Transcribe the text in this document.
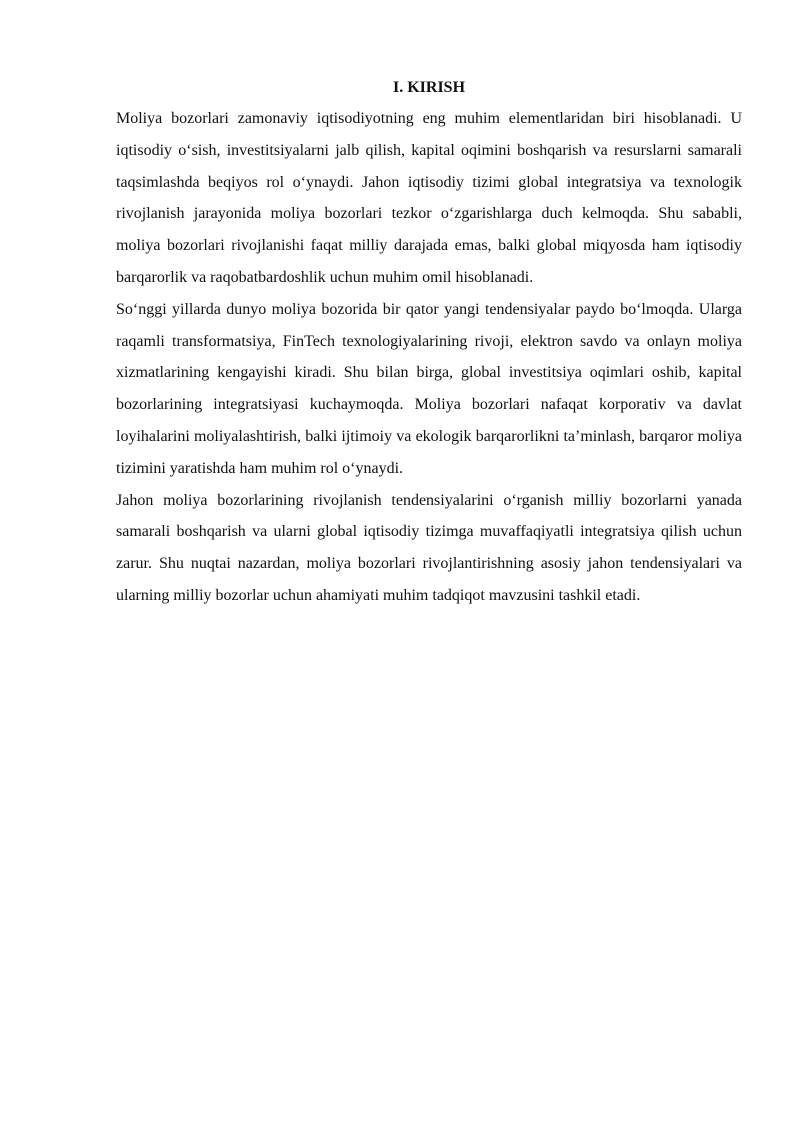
I. KIRISH

Moliya bozorlari zamonaviy iqtisodiyotning eng muhim elementlaridan biri hisoblanadi. U iqtisodiy o‘sish, investitsiyalarni jalb qilish, kapital oqimini boshqarish va resurslarni samarali taqsimlashda beqiyos rol o‘ynaydi. Jahon iqtisodiy tizimi global integratsiya va texnologik rivojlanish jarayonida moliya bozorlari tezkor o‘zgarishlarga duch kelmoqda. Shu sababli, moliya bozorlari rivojlanishi faqat milliy darajada emas, balki global miqyosda ham iqtisodiy barqarorlik va raqobatbardoshlik uchun muhim omil hisoblanadi.

So‘nggi yillarda dunyo moliya bozorida bir qator yangi tendensiyalar paydo bo‘lmoqda. Ularga raqamli transformatsiya, FinTech texnologiyalarining rivoji, elektron savdo va onlayn moliya xizmatlarining kengayishi kiradi. Shu bilan birga, global investitsiya oqimlari oshib, kapital bozorlarining integratsiyasi kuchaymoqda. Moliya bozorlari nafaqat korporativ va davlat loyihalarini moliyalashtirish, balki ijtimoiy va ekologik barqarorlikni ta’minlash, barqaror moliya tizimini yaratishda ham muhim rol o‘ynaydi.

Jahon moliya bozorlarining rivojlanish tendensiyalarini o‘rganish milliy bozorlarni yanada samarali boshqarish va ularni global iqtisodiy tizimga muvaffaqiyatli integratsiya qilish uchun zarur. Shu nuqtai nazardan, moliya bozorlari rivojlantirishning asosiy jahon tendensiyalari va ularning milliy bozorlar uchun ahamiyati muhim tadqiqot mavzusini tashkil etadi.
